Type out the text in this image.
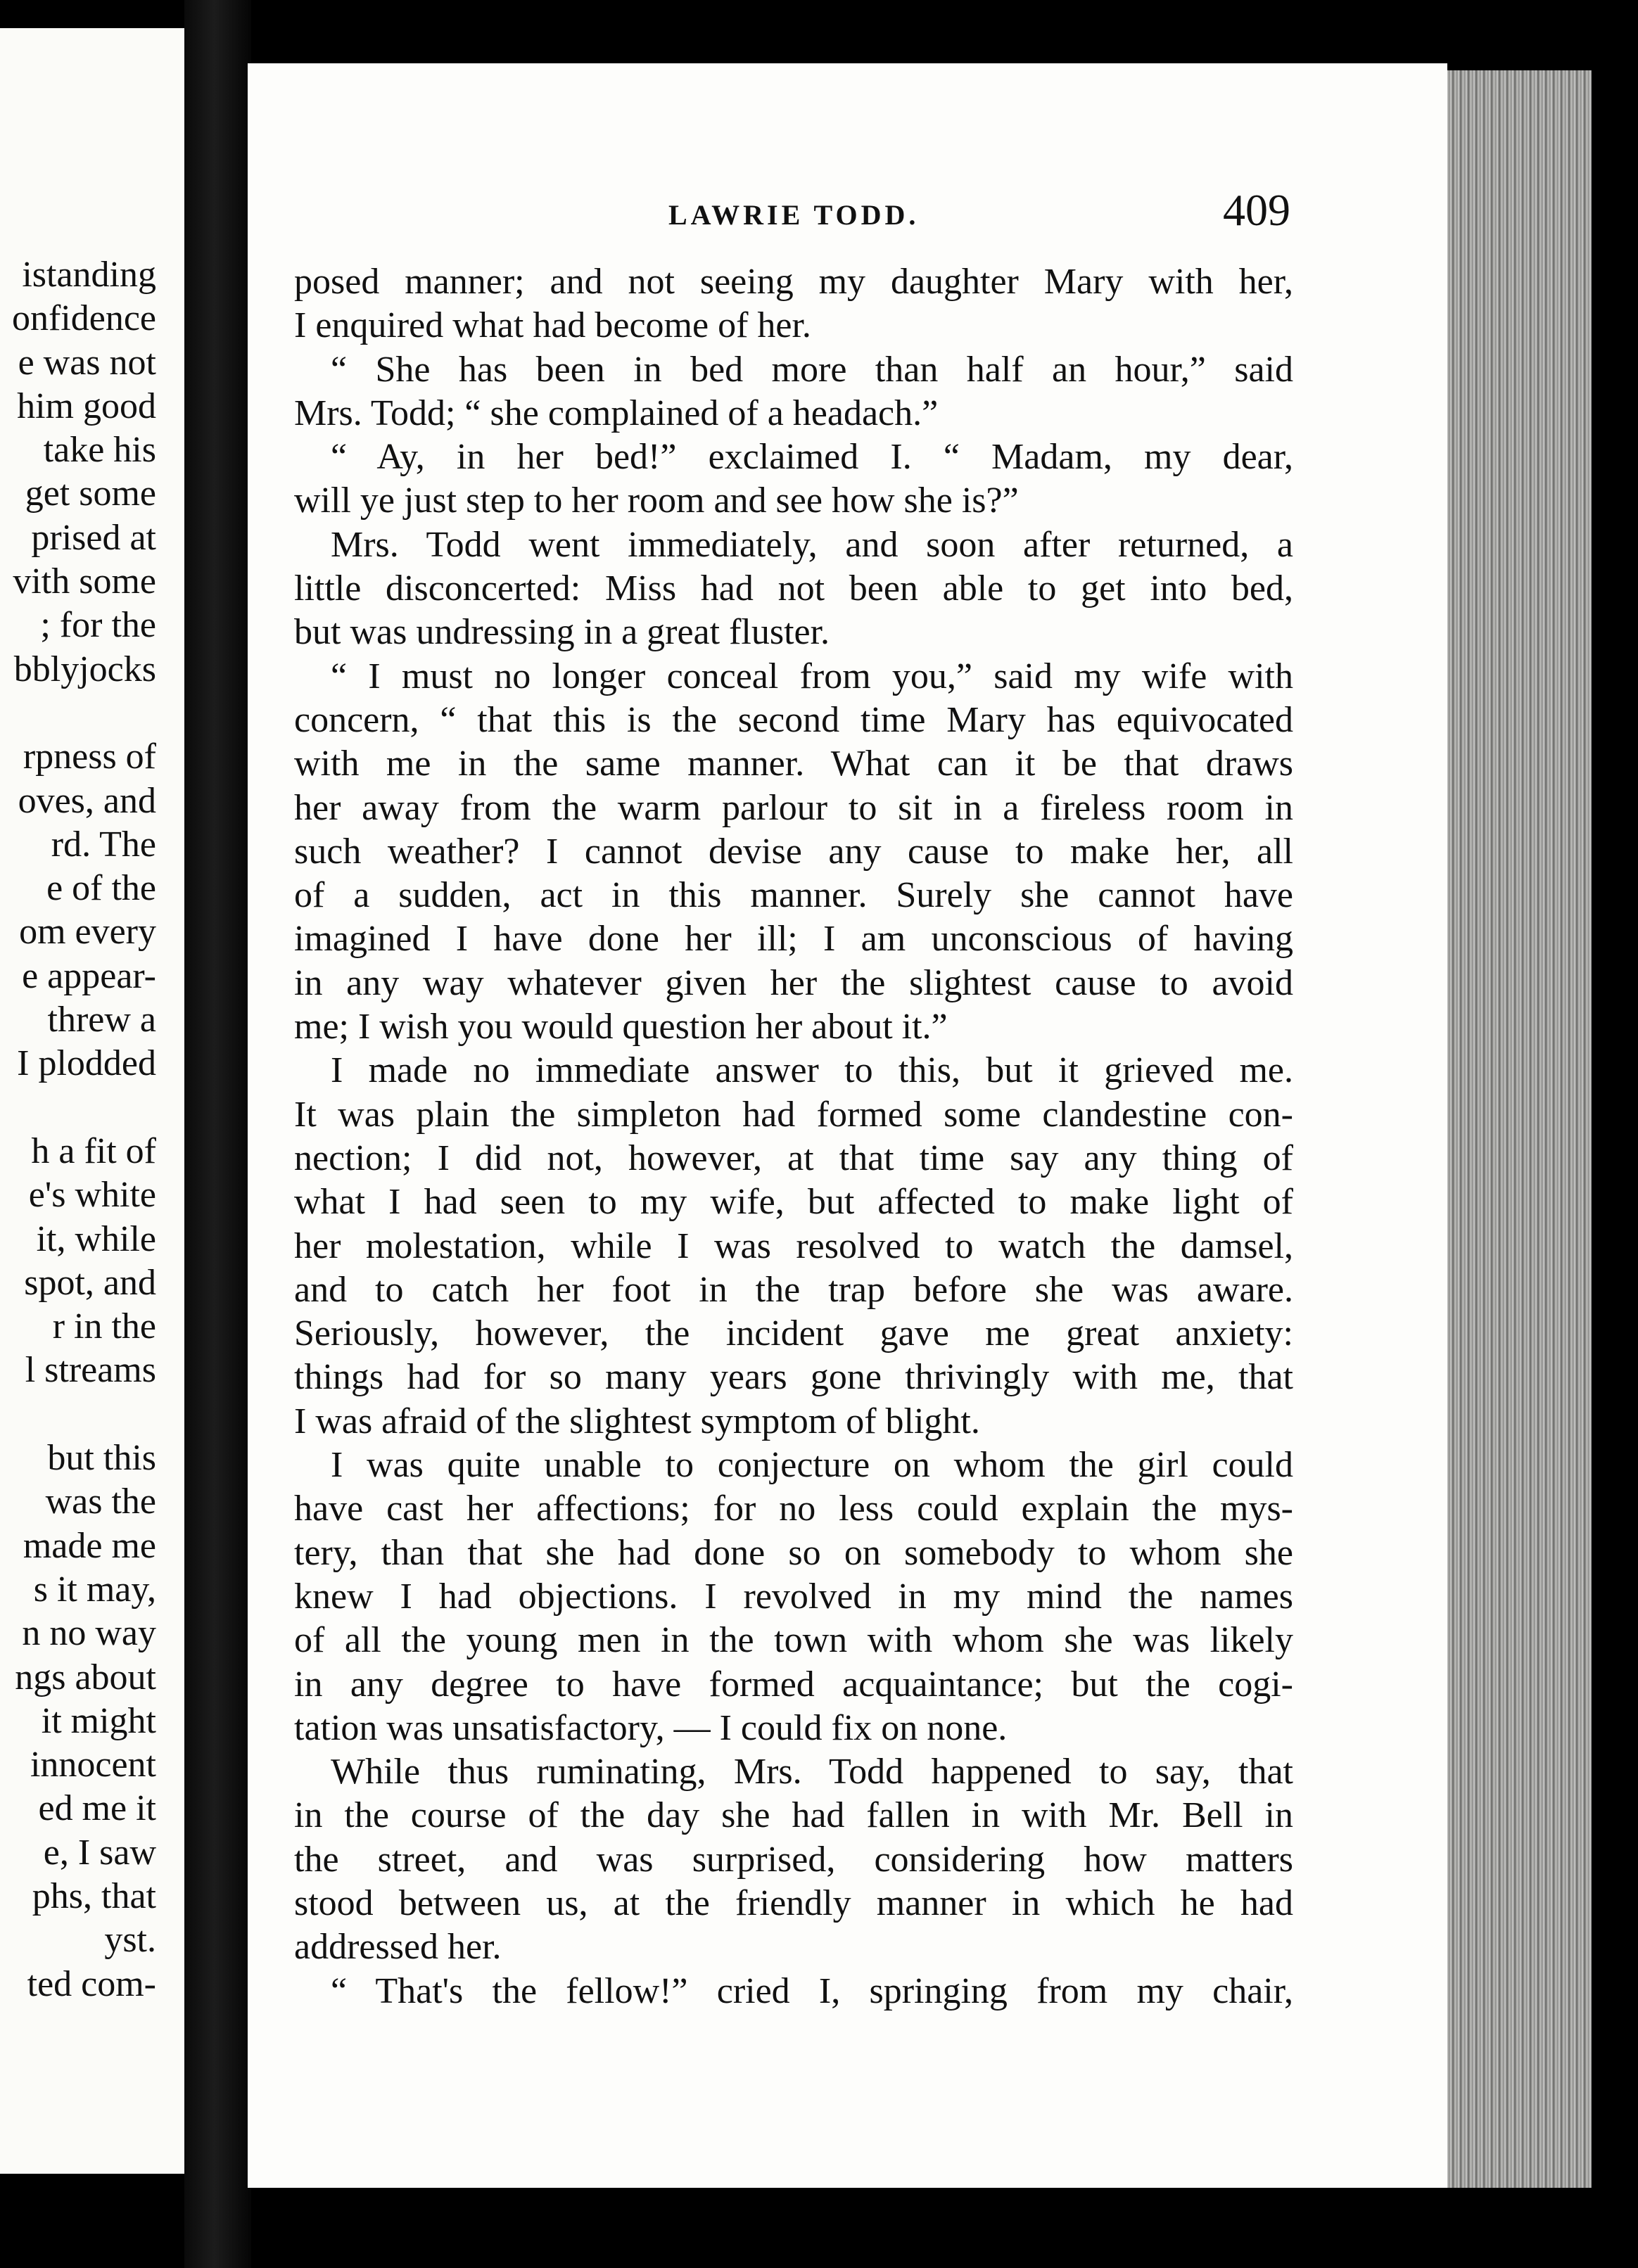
istanding
onfidence
e was not
him good
take his
get some
prised at
vith some
; for the
bblyjocks
rpness of
oves, and
rd. The
e of the
om every
e appear-
threw a
I plodded
h a fit of
e's white
it, while
spot, and
r in the
l streams
but this
was the
made me
s it may,
n no way
ngs about
it might
innocent
ed me it
e, I saw
phs, that
yst.
ted com-
LAWRIE TODD.	409
posed manner; and not seeing my daughter Mary with her,
I enquired what had become of her.
“ She has been in bed more than half an hour,” said
Mrs. Todd; “ she complained of a headach.”
“ Ay, in her bed!” exclaimed I. “ Madam, my dear,
will ye just step to her room and see how she is?”
Mrs. Todd went immediately, and soon after returned, a
little disconcerted: Miss had not been able to get into bed,
but was undressing in a great fluster.
“ I must no longer conceal from you,” said my wife with
concern, “ that this is the second time Mary has equivocated
with me in the same manner. What can it be that draws
her away from the warm parlour to sit in a fireless room in
such weather? I cannot devise any cause to make her, all
of a sudden, act in this manner. Surely she cannot have
imagined I have done her ill; I am unconscious of having
in any way whatever given her the slightest cause to avoid
me; I wish you would question her about it.”
I made no immediate answer to this, but it grieved me.
It was plain the simpleton had formed some clandestine con-
nection; I did not, however, at that time say any thing of
what I had seen to my wife, but affected to make light of
her molestation, while I was resolved to watch the damsel,
and to catch her foot in the trap before she was aware.
Seriously, however, the incident gave me great anxiety:
things had for so many years gone thrivingly with me, that
I was afraid of the slightest symptom of blight.
I was quite unable to conjecture on whom the girl could
have cast her affections; for no less could explain the mys-
tery, than that she had done so on somebody to whom she
knew I had objections. I revolved in my mind the names
of all the young men in the town with whom she was likely
in any degree to have formed acquaintance; but the cogi-
tation was unsatisfactory, — I could fix on none.
While thus ruminating, Mrs. Todd happened to say, that
in the course of the day she had fallen in with Mr. Bell in
the street, and was surprised, considering how matters
stood between us, at the friendly manner in which he had
addressed her.
“ That's the fellow!” cried I, springing from my chair,
